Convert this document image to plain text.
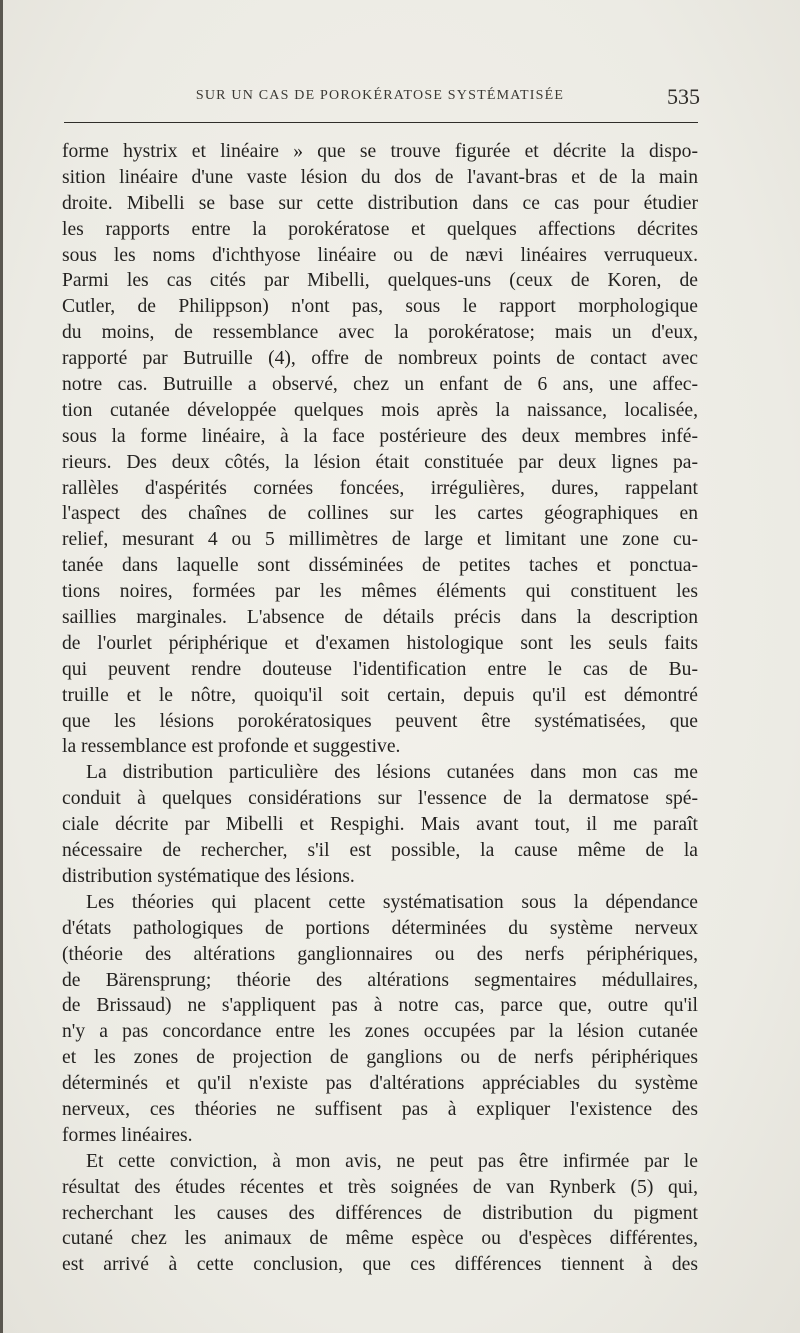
SUR UN CAS DE POROKÉRATOSE SYSTÉMATISÉE	535
forme hystrix et linéaire » que se trouve figurée et décrite la dispo-
sition linéaire d'une vaste lésion du dos de l'avant-bras et de la main
droite. Mibelli se base sur cette distribution dans ce cas pour étudier
les rapports entre la porokératose et quelques affections décrites
sous les noms d'ichthyose linéaire ou de nævi linéaires verruqueux.
Parmi les cas cités par Mibelli, quelques-uns (ceux de Koren, de
Cutler, de Philippson) n'ont pas, sous le rapport morphologique
du moins, de ressemblance avec la porokératose; mais un d'eux,
rapporté par Butruille (4), offre de nombreux points de contact avec
notre cas. Butruille a observé, chez un enfant de 6 ans, une affec-
tion cutanée développée quelques mois après la naissance, localisée,
sous la forme linéaire, à la face postérieure des deux membres infé-
rieurs. Des deux côtés, la lésion était constituée par deux lignes pa-
rallèles d'aspérités cornées foncées, irrégulières, dures, rappelant
l'aspect des chaînes de collines sur les cartes géographiques en
relief, mesurant 4 ou 5 millimètres de large et limitant une zone cu-
tanée dans laquelle sont disséminées de petites taches et ponctua-
tions noires, formées par les mêmes éléments qui constituent les
saillies marginales. L'absence de détails précis dans la description
de l'ourlet périphérique et d'examen histologique sont les seuls faits
qui peuvent rendre douteuse l'identification entre le cas de Bu-
truille et le nôtre, quoiqu'il soit certain, depuis qu'il est démontré
que les lésions porokératosiques peuvent être systématisées, que
la ressemblance est profonde et suggestive.
La distribution particulière des lésions cutanées dans mon cas me
conduit à quelques considérations sur l'essence de la dermatose spé-
ciale décrite par Mibelli et Respighi. Mais avant tout, il me paraît
nécessaire de rechercher, s'il est possible, la cause même de la
distribution systématique des lésions.
Les théories qui placent cette systématisation sous la dépendance
d'états pathologiques de portions déterminées du système nerveux
(théorie des altérations ganglionnaires ou des nerfs périphériques,
de Bärensprung; théorie des altérations segmentaires médullaires,
de Brissaud) ne s'appliquent pas à notre cas, parce que, outre qu'il
n'y a pas concordance entre les zones occupées par la lésion cutanée
et les zones de projection de ganglions ou de nerfs périphériques
déterminés et qu'il n'existe pas d'altérations appréciables du système
nerveux, ces théories ne suffisent pas à expliquer l'existence des
formes linéaires.
Et cette conviction, à mon avis, ne peut pas être infirmée par le
résultat des études récentes et très soignées de van Rynberk (5) qui,
recherchant les causes des différences de distribution du pigment
cutané chez les animaux de même espèce ou d'espèces différentes,
est arrivé à cette conclusion, que ces différences tiennent à des
